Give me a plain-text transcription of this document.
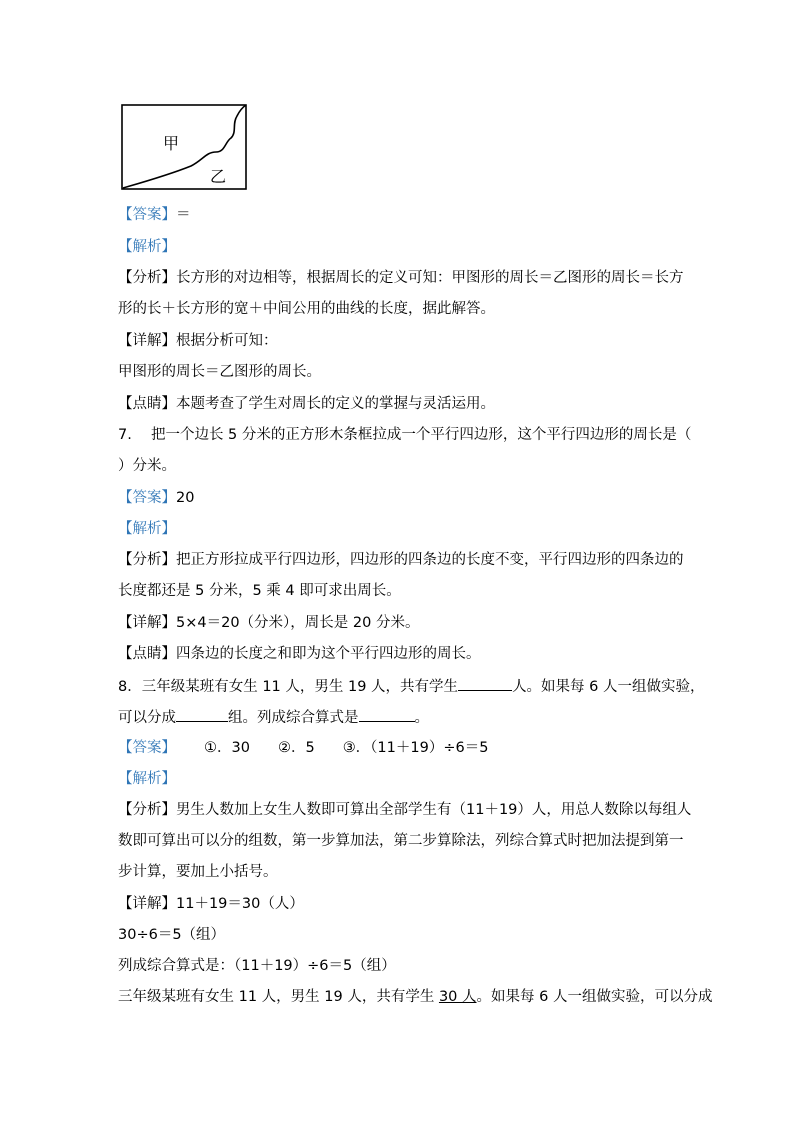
甲
乙
【答案】＝
【解析】
【分析】长方形的对边相等，根据周长的定义可知：甲图形的周长＝乙图形的周长＝长方
形的长＋长方形的宽＋中间公用的曲线的长度，据此解答。
【详解】根据分析可知：
甲图形的周长＝乙图形的周长。
【点睛】本题考查了学生对周长的定义的掌握与灵活运用。
7.　 把一个边长 5 分米的正方形木条框拉成一个平行四边形，这个平行四边形的周长是（
）分米。
【答案】20
【解析】
【分析】把正方形拉成平行四边形，四边形的四条边的长度不变，平行四边形的四条边的
长度都还是 5 分米，5 乘 4 即可求出周长。
【详解】5×4＝20（分米），周长是 20 分米。
【点睛】四条边的长度之和即为这个平行四边形的周长。
8．三年级某班有女生 11 人，男生 19 人，共有学生	人。如果每 6 人一组做实验，
可以分成	组。列成综合算式是	。
【答案】 ①．30 ②．5 ③．（11＋19）÷6＝5
【解析】
【分析】男生人数加上女生人数即可算出全部学生有（11＋19）人，用总人数除以每组人
数即可算出可以分的组数，第一步算加法，第二步算除法，列综合算式时把加法提到第一
步计算，要加上小括号。
【详解】11＋19＝30（人）
30÷6＝5（组）
列成综合算式是：（11＋19）÷6＝5（组）
三年级某班有女生 11 人，男生 19 人，共有学生 30 人。如果每 6 人一组做实验，可以分成
